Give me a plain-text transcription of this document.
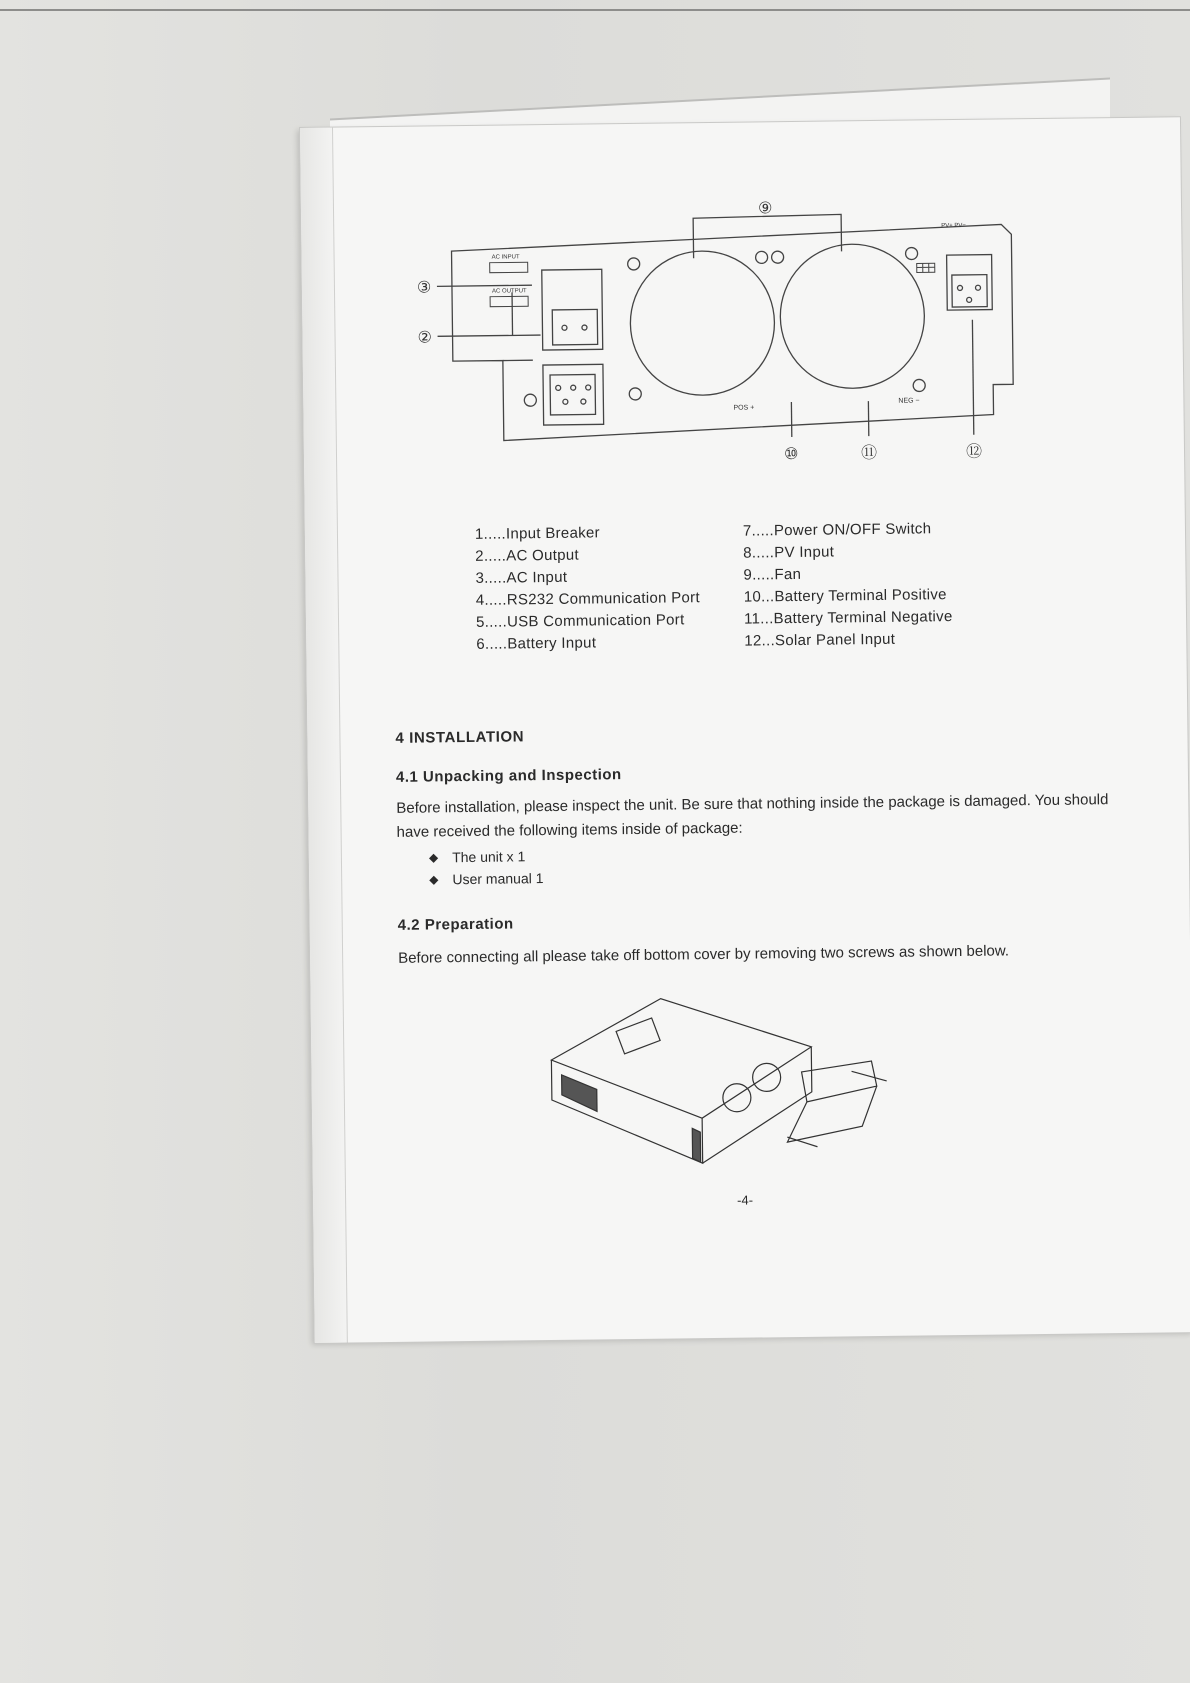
AC INPUT
AC OUTPUT
PV+ PV−
POS +
NEG −
⑨
③
②
⑩	⑪	⑫
1.....Input Breaker
2.....AC Output
3.....AC Input
4.....RS232 Communication Port
5.....USB Communication Port
6.....Battery Input
7.....Power ON/OFF Switch
8.....PV Input
9.....Fan
10...Battery Terminal Positive
11...Battery Terminal Negative
12...Solar Panel Input
4 INSTALLATION
4.1 Unpacking and Inspection
Before installation, please inspect the unit. Be sure that nothing inside the package is damaged. You should have received the following items inside of package:
◆ The unit x 1
◆ User manual 1
4.2 Preparation
Before connecting all please take off bottom cover by removing two screws as shown below.
-4-
